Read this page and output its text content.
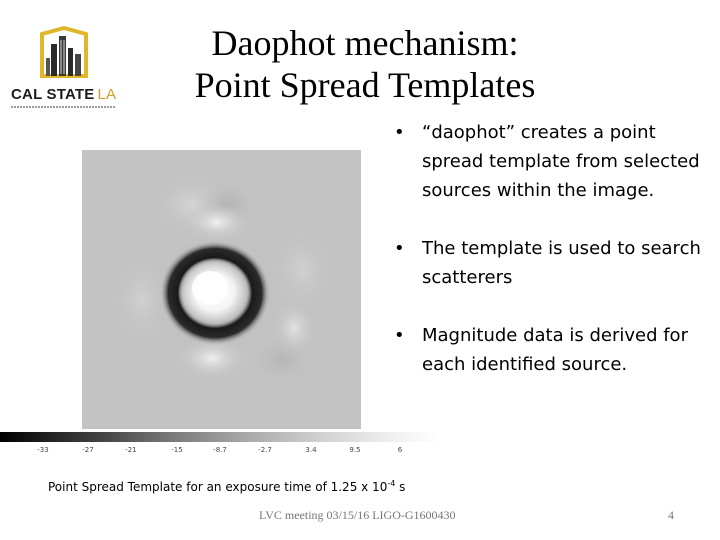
CAL STATE LA
Daophot mechanism:
Point Spread Templates
-33	-27	-21	-15	-8.7	-2.7	3.4	9.5	6
• “daophot” creates a point spread template from selected sources within the image.
• The template is used to search scatterers
• Magnitude data is derived for each identified source.
Point Spread Template for an exposure time of 1.25 x $10^{-4}$ s
LVC meeting 03/15/16 LIGO-G1600430	4
